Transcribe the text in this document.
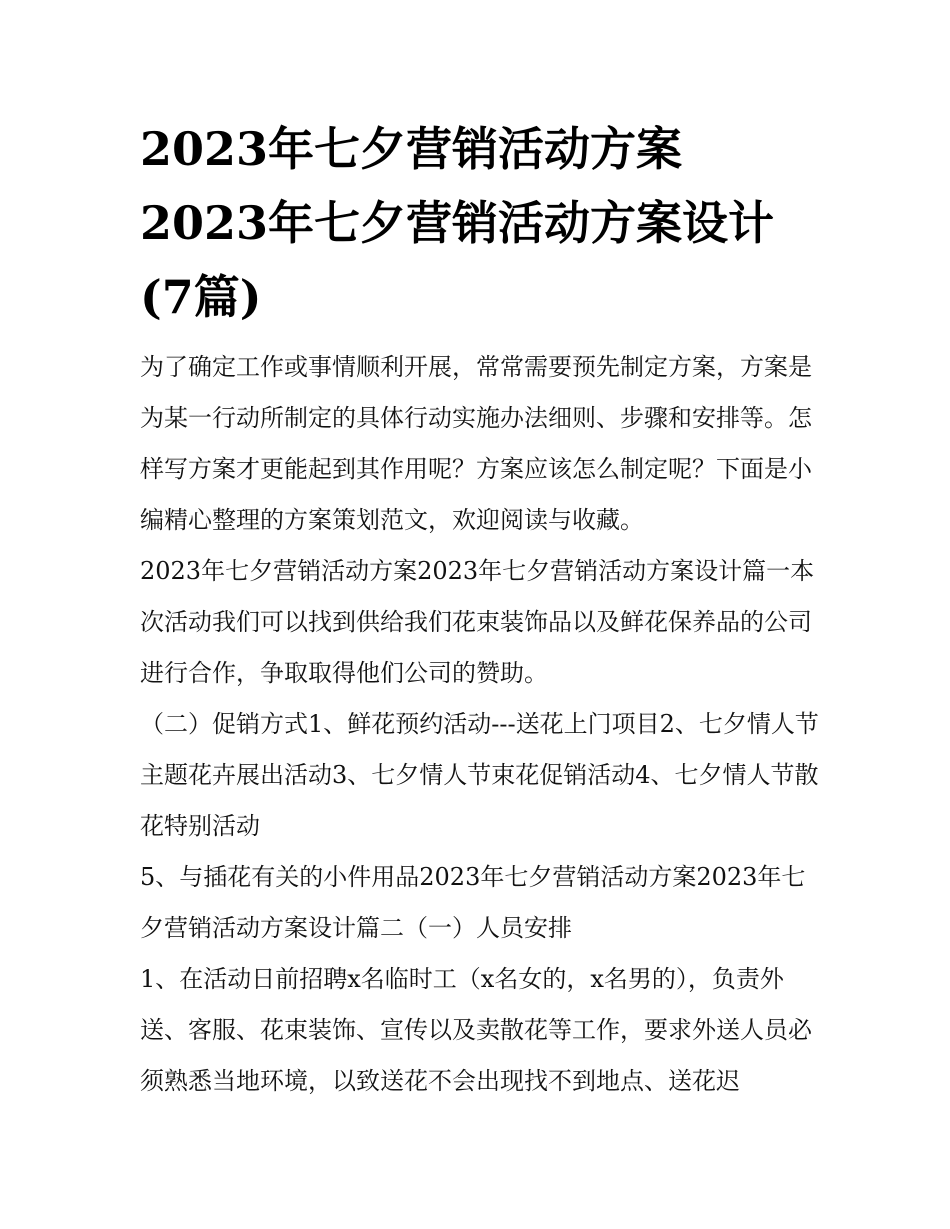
2023年七夕营销活动方案
2023年七夕营销活动方案设计
(7篇)

为了确定工作或事情顺利开展，常常需要预先制定方案，方案是为某一行动所制定的具体行动实施办法细则、步骤和安排等。怎样写方案才更能起到其作用呢？方案应该怎么制定呢？下面是小编精心整理的方案策划范文，欢迎阅读与收藏。

2023年七夕营销活动方案2023年七夕营销活动方案设计篇一本次活动我们可以找到供给我们花束装饰品以及鲜花保养品的公司进行合作，争取取得他们公司的赞助。

（二）促销方式1、鲜花预约活动---送花上门项目2、七夕情人节主题花卉展出活动3、七夕情人节束花促销活动4、七夕情人节散花特别活动

5、与插花有关的小件用品2023年七夕营销活动方案2023年七夕营销活动方案设计篇二（一）人员安排

1、在活动日前招聘x名临时工（x名女的，x名男的），负责外送、客服、花束装饰、宣传以及卖散花等工作，要求外送人员必须熟悉当地环境，以致送花不会出现找不到地点、送花迟
